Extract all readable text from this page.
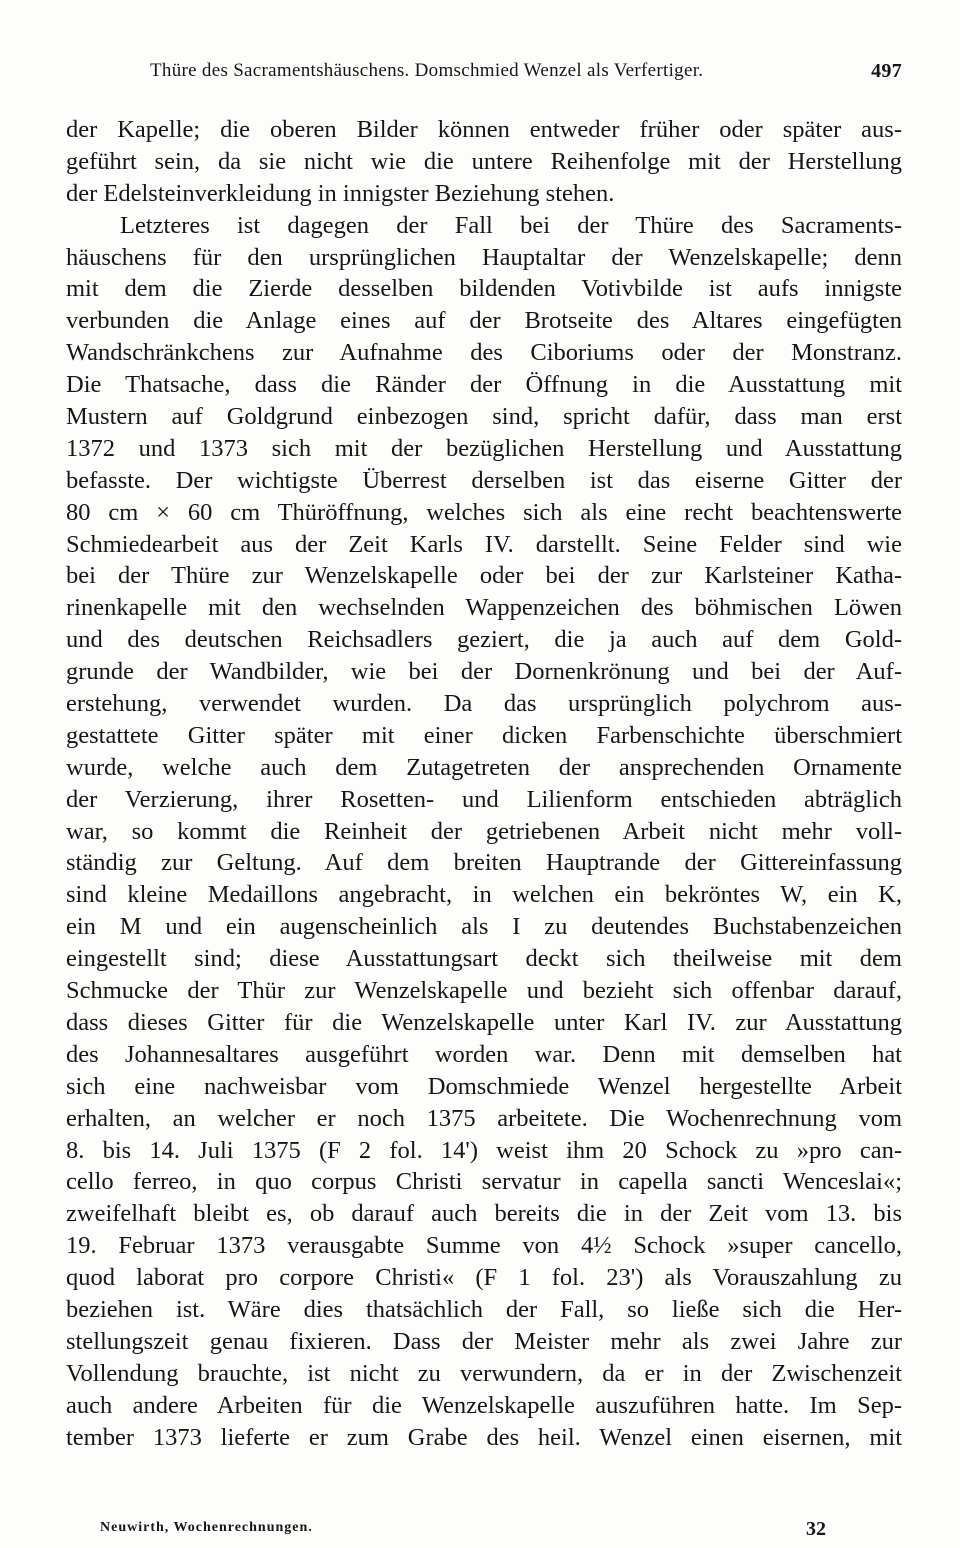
Thüre des Sacramentshäuschens. Domschmied Wenzel als Verfertiger.	497
der Kapelle; die oberen Bilder können entweder früher oder später aus-
geführt sein, da sie nicht wie die untere Reihenfolge mit der Herstellung
der Edelsteinverkleidung in innigster Beziehung stehen.
Letzteres ist dagegen der Fall bei der Thüre des Sacraments-
häuschens für den ursprünglichen Hauptaltar der Wenzelskapelle; denn
mit dem die Zierde desselben bildenden Votivbilde ist aufs innigste
verbunden die Anlage eines auf der Brotseite des Altares eingefügten
Wandschränkchens zur Aufnahme des Ciboriums oder der Monstranz.
Die Thatsache, dass die Ränder der Öffnung in die Ausstattung mit
Mustern auf Goldgrund einbezogen sind, spricht dafür, dass man erst
1372 und 1373 sich mit der bezüglichen Herstellung und Ausstattung
befasste. Der wichtigste Überrest derselben ist das eiserne Gitter der
80 cm × 60 cm Thüröffnung, welches sich als eine recht beachtenswerte
Schmiedearbeit aus der Zeit Karls IV. darstellt. Seine Felder sind wie
bei der Thüre zur Wenzelskapelle oder bei der zur Karlsteiner Katha-
rinenkapelle mit den wechselnden Wappenzeichen des böhmischen Löwen
und des deutschen Reichsadlers geziert, die ja auch auf dem Gold-
grunde der Wandbilder, wie bei der Dornenkrönung und bei der Auf-
erstehung, verwendet wurden. Da das ursprünglich polychrom aus-
gestattete Gitter später mit einer dicken Farbenschichte überschmiert
wurde, welche auch dem Zutagetreten der ansprechenden Ornamente
der Verzierung, ihrer Rosetten- und Lilienform entschieden abträglich
war, so kommt die Reinheit der getriebenen Arbeit nicht mehr voll-
ständig zur Geltung. Auf dem breiten Hauptrande der Gittereinfassung
sind kleine Medaillons angebracht, in welchen ein bekröntes W, ein K,
ein M und ein augenscheinlich als I zu deutendes Buchstabenzeichen
eingestellt sind; diese Ausstattungsart deckt sich theilweise mit dem
Schmucke der Thür zur Wenzelskapelle und bezieht sich offenbar darauf,
dass dieses Gitter für die Wenzelskapelle unter Karl IV. zur Ausstattung
des Johannesaltares ausgeführt worden war. Denn mit demselben hat
sich eine nachweisbar vom Domschmiede Wenzel hergestellte Arbeit
erhalten, an welcher er noch 1375 arbeitete. Die Wochenrechnung vom
8. bis 14. Juli 1375 (F 2 fol. 14') weist ihm 20 Schock zu »pro can-
cello ferreo, in quo corpus Christi servatur in capella sancti Wenceslai«;
zweifelhaft bleibt es, ob darauf auch bereits die in der Zeit vom 13. bis
19. Februar 1373 verausgabte Summe von 4½ Schock »super cancello,
quod laborat pro corpore Christi« (F 1 fol. 23') als Vorauszahlung zu
beziehen ist. Wäre dies thatsächlich der Fall, so ließe sich die Her-
stellungszeit genau fixieren. Dass der Meister mehr als zwei Jahre zur
Vollendung brauchte, ist nicht zu verwundern, da er in der Zwischenzeit
auch andere Arbeiten für die Wenzelskapelle auszuführen hatte. Im Sep-
tember 1373 lieferte er zum Grabe des heil. Wenzel einen eisernen, mit
Neuwirth, Wochenrechnungen.	32
